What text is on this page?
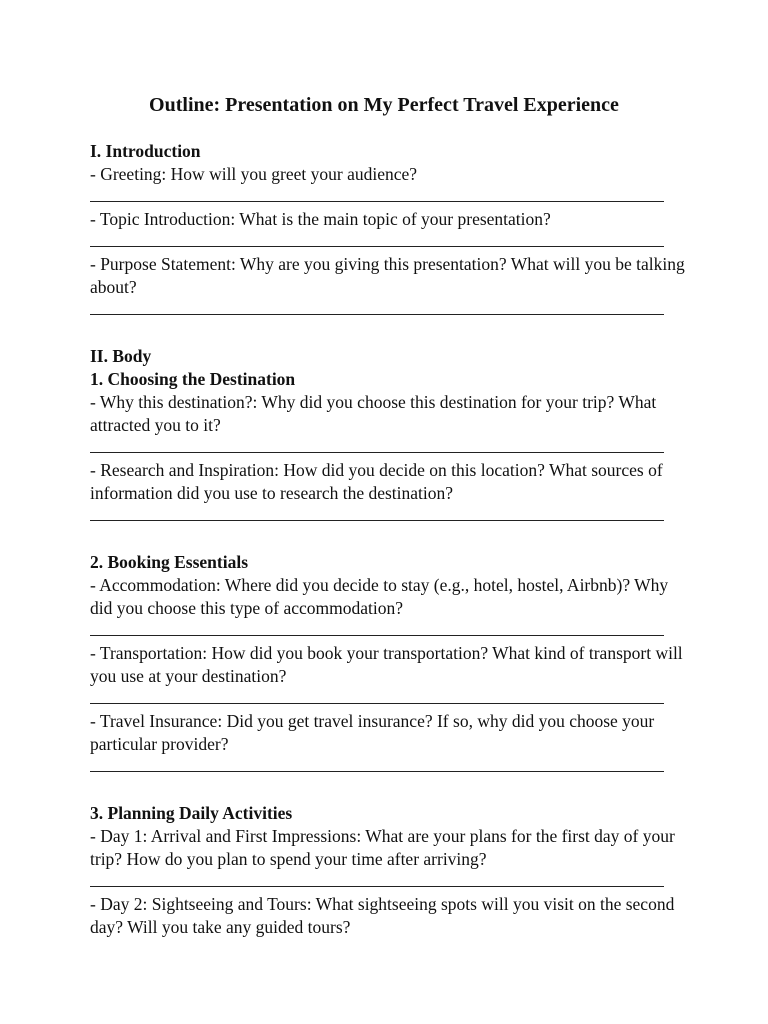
Outline: Presentation on My Perfect Travel Experience
I. Introduction
- Greeting: How will you greet your audience?
- Topic Introduction: What is the main topic of your presentation?
- Purpose Statement: Why are you giving this presentation? What will you be talking about?
II. Body
1. Choosing the Destination
- Why this destination?: Why did you choose this destination for your trip? What attracted you to it?
- Research and Inspiration: How did you decide on this location? What sources of information did you use to research the destination?
2. Booking Essentials
- Accommodation: Where did you decide to stay (e.g., hotel, hostel, Airbnb)? Why did you choose this type of accommodation?
- Transportation: How did you book your transportation? What kind of transport will you use at your destination?
- Travel Insurance: Did you get travel insurance? If so, why did you choose your particular provider?
3. Planning Daily Activities
- Day 1: Arrival and First Impressions: What are your plans for the first day of your trip? How do you plan to spend your time after arriving?
- Day 2: Sightseeing and Tours: What sightseeing spots will you visit on the second day? Will you take any guided tours?
